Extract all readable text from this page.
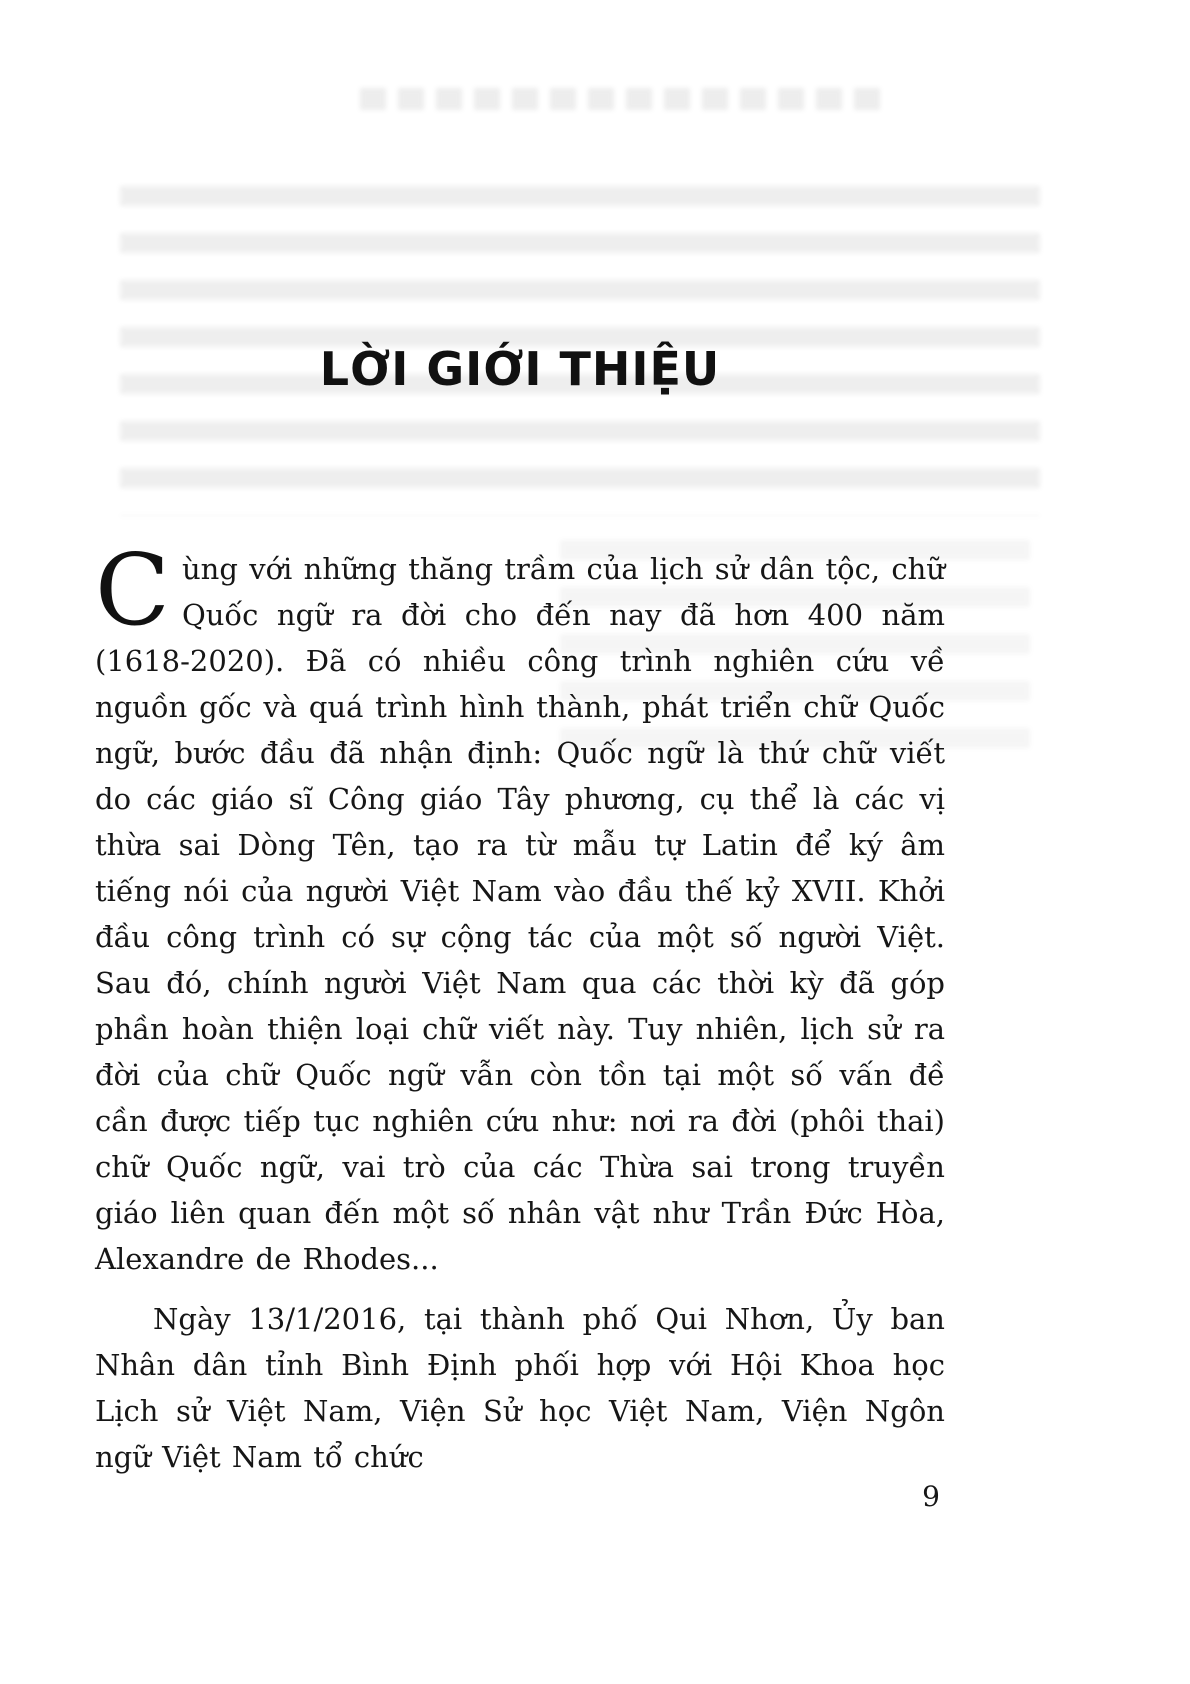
LỜI GIỚI THIỆU

Cùng với những thăng trầm của lịch sử dân tộc, chữ Quốc ngữ ra đời cho đến nay đã hơn 400 năm (1618-2020). Đã có nhiều công trình nghiên cứu về nguồn gốc và quá trình hình thành, phát triển chữ Quốc ngữ, bước đầu đã nhận định: Quốc ngữ là thứ chữ viết do các giáo sĩ Công giáo Tây phương, cụ thể là các vị thừa sai Dòng Tên, tạo ra từ mẫu tự Latin để ký âm tiếng nói của người Việt Nam vào đầu thế kỷ XVII. Khởi đầu công trình có sự cộng tác của một số người Việt. Sau đó, chính người Việt Nam qua các thời kỳ đã góp phần hoàn thiện loại chữ viết này. Tuy nhiên, lịch sử ra đời của chữ Quốc ngữ vẫn còn tồn tại một số vấn đề cần được tiếp tục nghiên cứu như: nơi ra đời (phôi thai) chữ Quốc ngữ, vai trò của các Thừa sai trong truyền giáo liên quan đến một số nhân vật như Trần Đức Hòa, Alexandre de Rhodes...

Ngày 13/1/2016, tại thành phố Qui Nhơn, Ủy ban Nhân dân tỉnh Bình Định phối hợp với Hội Khoa học Lịch sử Việt Nam, Viện Sử học Việt Nam, Viện Ngôn ngữ Việt Nam tổ chức

9
